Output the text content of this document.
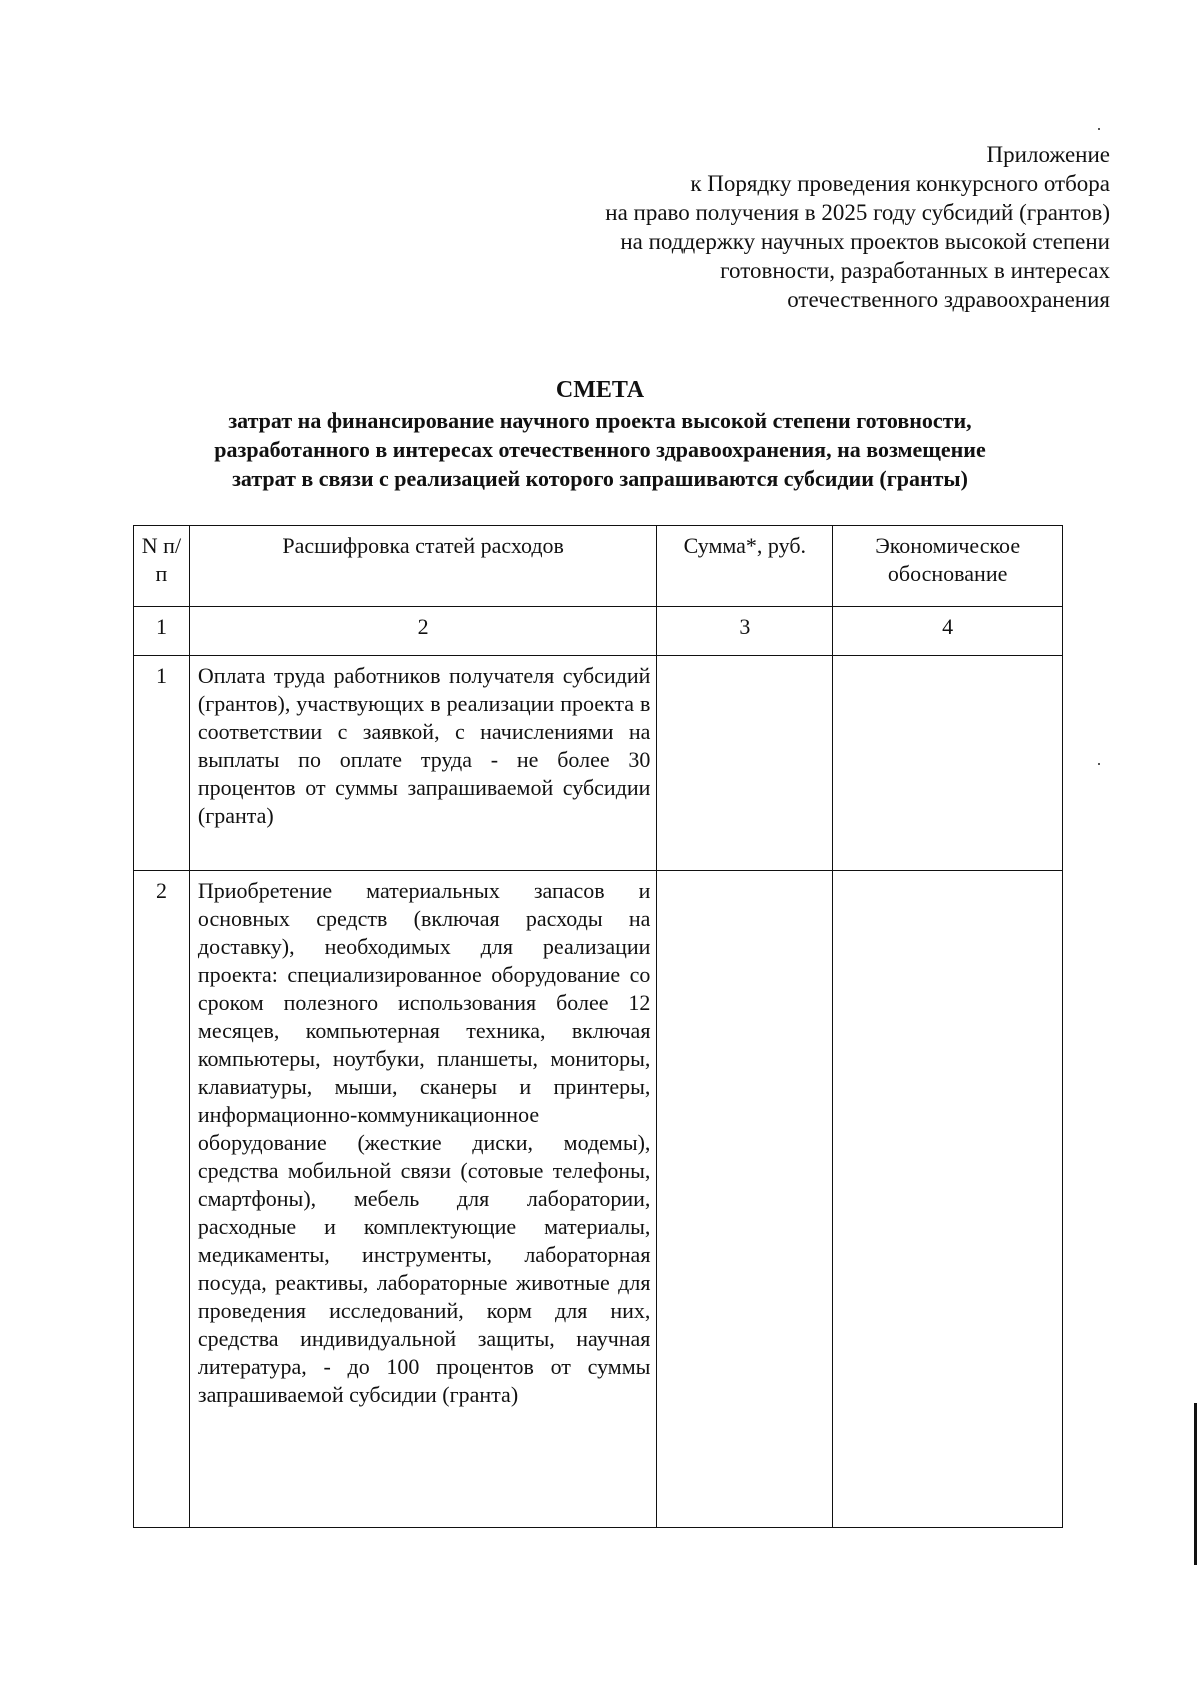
Приложение
к Порядку проведения конкурсного отбора
на право получения в 2025 году субсидий (грантов)
на поддержку научных проектов высокой степени
готовности, разработанных в интересах
отечественного здравоохранения
СМЕТА
затрат на финансирование научного проекта высокой степени готовности,
разработанного в интересах отечественного здравоохранения, на возмещение
затрат в связи с реализацией которого запрашиваются субсидии (гранты)
N п/п	Расшифровка статей расходов	Сумма*, руб.	Экономическое обоснование
1	2	3	4
1	Оплата труда работников получателя субсидий (грантов), участвующих в реализации проекта в соответствии с заявкой, с начислениями на выплаты по оплате труда - не более 30 процентов от суммы запрашиваемой субсидии (гранта)		
2	Приобретение материальных запасов и основных средств (включая расходы на доставку), необходимых для реализации проекта: специализированное оборудование со сроком полезного использования более 12 месяцев, компьютерная техника, включая компьютеры, ноутбуки, планшеты, мониторы, клавиатуры, мыши, сканеры и принтеры, информационно-коммуникационное оборудование (жесткие диски, модемы), средства мобильной связи (сотовые телефоны, смартфоны), мебель для лаборатории, расходные и комплектующие материалы, медикаменты, инструменты, лабораторная посуда, реактивы, лабораторные животные для проведения исследований, корм для них, средства индивидуальной защиты, научная литература, - до 100 процентов от суммы запрашиваемой субсидии (гранта)		
